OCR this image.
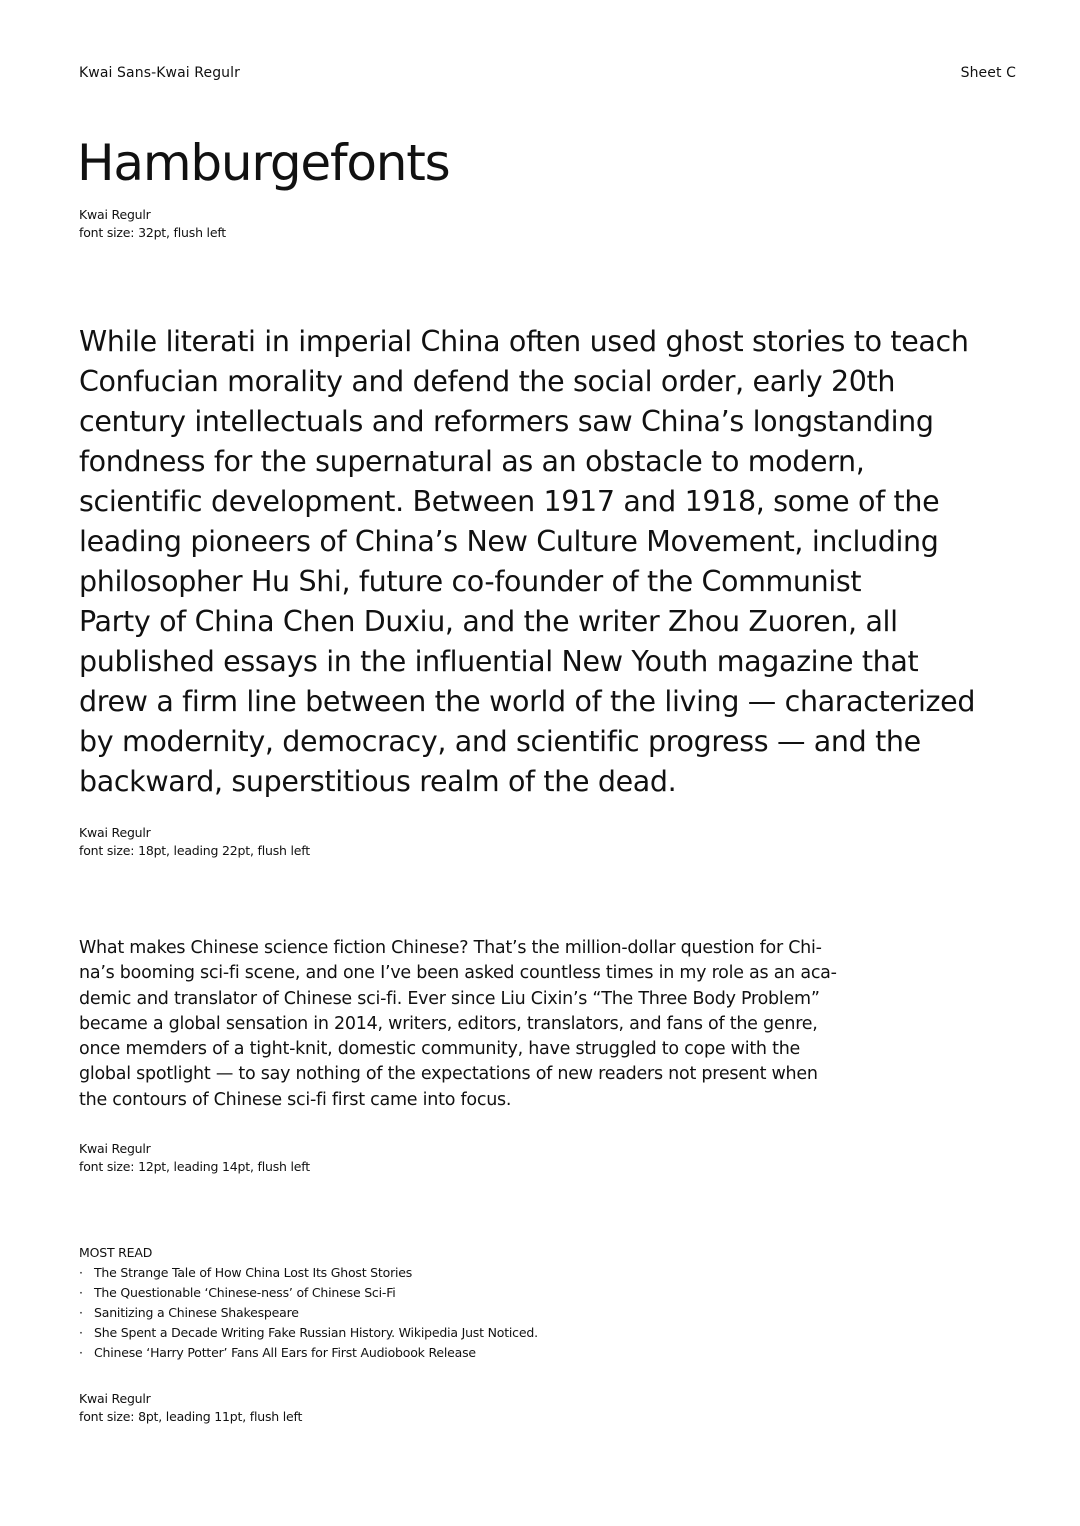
Kwai Sans-Kwai Regulr	Sheet C
Hamburgefonts
Kwai Regulr
font size: 32pt, flush left
While literati in imperial China often used ghost stories to teach
Confucian morality and defend the social order, early 20th
century intellectuals and reformers saw China’s longstanding
fondness for the supernatural as an obstacle to modern,
scientific development. Between 1917 and 1918, some of the
leading pioneers of China’s New Culture Movement, including
philosopher Hu Shi, future co-founder of the Communist
Party of China Chen Duxiu, and the writer Zhou Zuoren, all
published essays in the influential New Youth magazine that
drew a firm line between the world of the living — characterized
by modernity, democracy, and scientific progress — and the
backward, superstitious realm of the dead.
Kwai Regulr
font size: 18pt, leading 22pt, flush left
What makes Chinese science fiction Chinese? That’s the million-dollar question for Chi-
na’s booming sci-fi scene, and one I’ve been asked countless times in my role as an aca-
demic and translator of Chinese sci-fi. Ever since Liu Cixin’s “The Three Body Problem”
became a global sensation in 2014, writers, editors, translators, and fans of the genre,
once memders of a tight-knit, domestic community, have struggled to cope with the
global spotlight — to say nothing of the expectations of new readers not present when
the contours of Chinese sci-fi first came into focus.
Kwai Regulr
font size: 12pt, leading 14pt, flush left
MOST READ
· The Strange Tale of How China Lost Its Ghost Stories
· The Questionable ‘Chinese-ness’ of Chinese Sci-Fi
· Sanitizing a Chinese Shakespeare
· She Spent a Decade Writing Fake Russian History. Wikipedia Just Noticed.
· Chinese ‘Harry Potter’ Fans All Ears for First Audiobook Release
Kwai Regulr
font size: 8pt, leading 11pt, flush left
